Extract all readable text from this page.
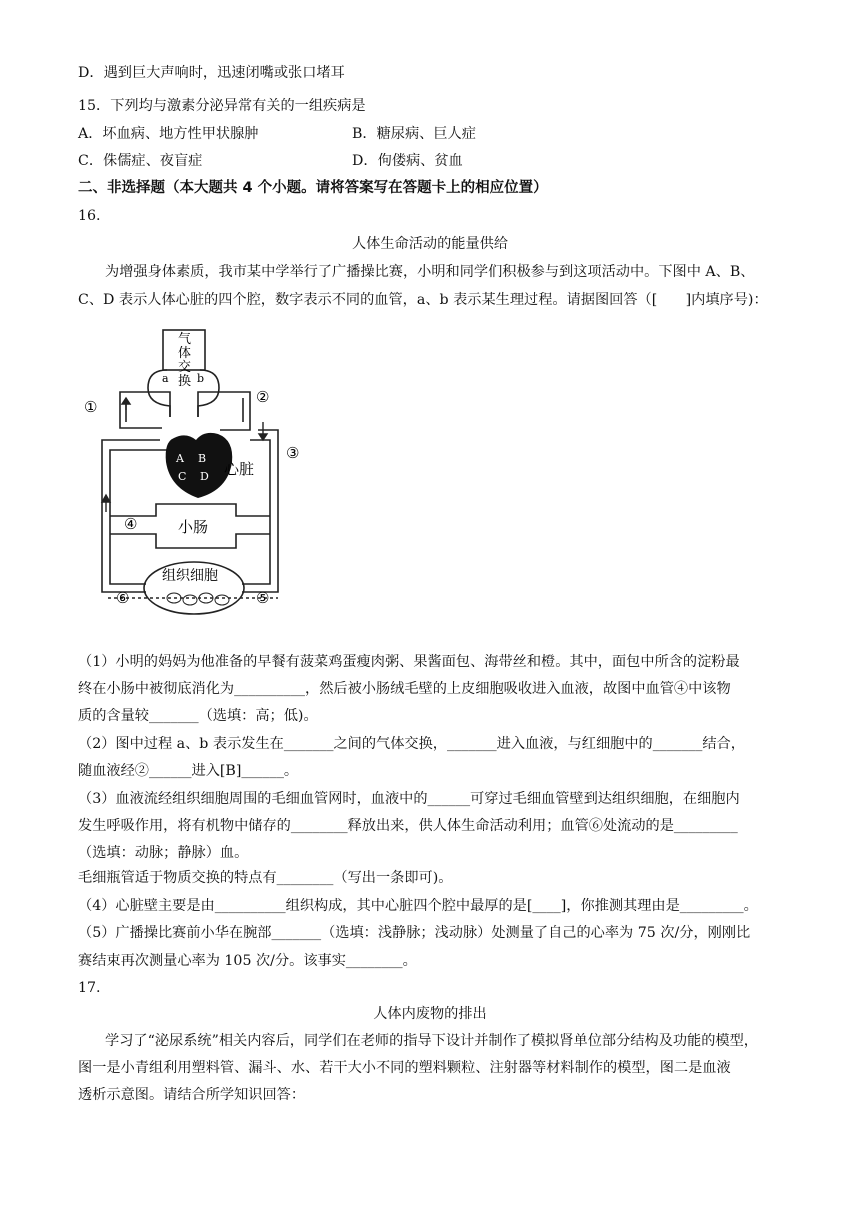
D．遇到巨大声响时，迅速闭嘴或张口堵耳
15．下列均与激素分泌异常有关的一组疾病是
A．坏血病、地方性甲状腺肿	B．糖尿病、巨人症
C．侏儒症、夜盲症	D．佝偻病、贫血
二、非选择题（本大题共 4 个小题。请将答案写在答题卡上的相应位置）
16.
人体生命活动的能量供给
为增强身体素质，我市某中学举行了广播操比赛，小明和同学们积极参与到这项活动中。下图中 A、B、
C、D 表示人体心脏的四个腔，数字表示不同的血管，a、b 表示某生理过程。请据图回答（[　　]内填序号)：
气
体
交
换
a	b
①
②
③
④
⑤
⑥
A B
C D 心脏
小肠
组织细胞
（1）小明的妈妈为他准备的早餐有菠菜鸡蛋瘦肉粥、果酱面包、海带丝和橙。其中，面包中所含的淀粉最
终在小肠中被彻底消化为__________，然后被小肠绒毛壁的上皮细胞吸收进入血液，故图中血管④中该物
质的含量较_______（选填：高；低)。
（2）图中过程 a、b 表示发生在_______之间的气体交换，_______进入血液，与红细胞中的_______结合，
随血液经②______进入[B]______。
（3）血液流经组织细胞周围的毛细血管网时，血液中的______可穿过毛细血管壁到达组织细胞，在细胞内
发生呼吸作用，将有机物中储存的________释放出来，供人体生命活动利用；血管⑥处流动的是_________
（选填：动脉；静脉）血。
毛细瓶管适于物质交换的特点有________（写出一条即可)。
（4）心脏壁主要是由__________组织构成，其中心脏四个腔中最厚的是[____]，你推测其理由是_________。
（5）广播操比赛前小华在腕部_______（选填：浅静脉；浅动脉）处测量了自己的心率为 75 次/分，刚刚比
赛结束再次测量心率为 105 次/分。该事实________。
17.
人体内废物的排出
学习了“泌尿系统”相关内容后，同学们在老师的指导下设计并制作了模拟肾单位部分结构及功能的模型，
图一是小青组利用塑料管、漏斗、水、若干大小不同的塑料颗粒、注射器等材料制作的模型，图二是血液
透析示意图。请结合所学知识回答：
